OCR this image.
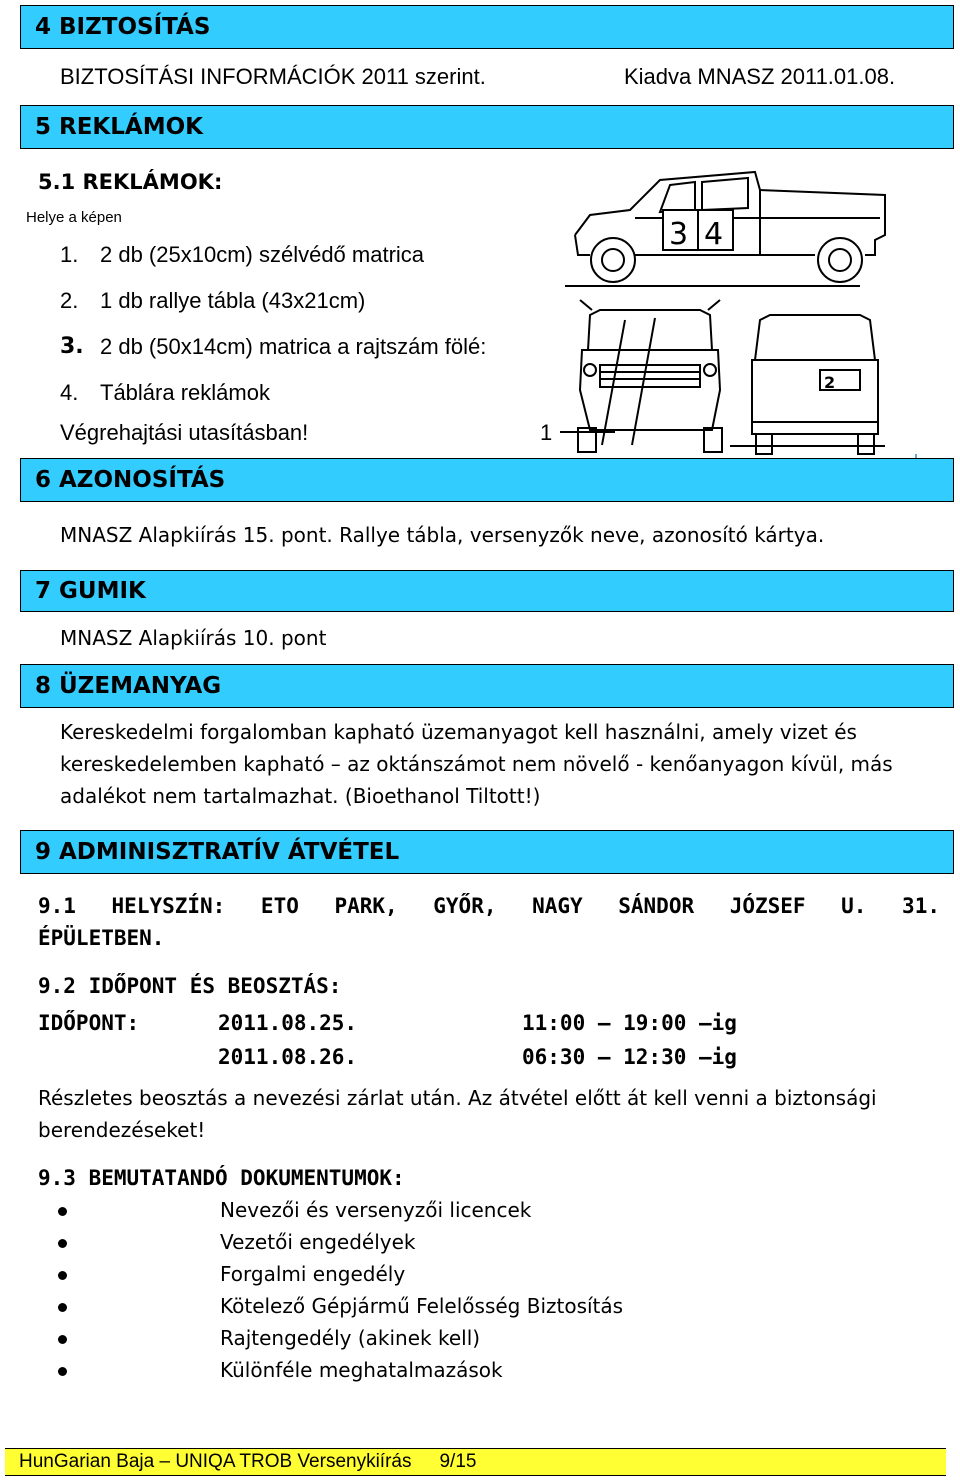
4 BIZTOSÍTÁS
BIZTOSÍTÁSI INFORMÁCIÓK 2011 szerint.	Kiadva MNASZ 2011.01.08.
5 REKLÁMOK
5.1 REKLÁMOK:
Helye a képen
1. 2 db (25x10cm) szélvédő matrica
2. 1 db rallye tábla (43x21cm)
3. 2 db (50x14cm) matrica a rajtszám fölé:
4. Táblára reklámok
Végrehajtási utasításban!
3 4
1
2
6 AZONOSÍTÁS
MNASZ Alapkiírás 15. pont. Rallye tábla, versenyzők neve, azonosító kártya.
7 GUMIK
MNASZ Alapkiírás 10. pont
8 ÜZEMANYAG
Kereskedelmi forgalomban kapható üzemanyagot kell használni, amely vizet és
kereskedelemben kapható – az oktánszámot nem növelő - kenőanyagon kívül, más
adalékot nem tartalmazhat. (Bioethanol Tiltott!)
9 ADMINISZTRATÍV ÁTVÉTEL
9.1 HELYSZÍN: ETO PARK, GYŐR, NAGY SÁNDOR JÓZSEF U. 31.
ÉPÜLETBEN.
9.2 IDŐPONT ÉS BEOSZTÁS:
IDŐPONT:	2011.08.25.	11:00 – 19:00 –ig
2011.08.26.	06:30 – 12:30 –ig
Részletes beosztás a nevezési zárlat után. Az átvétel előtt át kell venni a biztonsági
berendezéseket!
9.3 BEMUTATANDÓ DOKUMENTUMOK:
Nevezői és versenyzői licencek
Vezetői engedélyek
Forgalmi engedély
Kötelező Gépjármű Felelősség Biztosítás
Rajtengedély (akinek kell)
Különféle meghatalmazások
HunGarian Baja – UNIQA TROB Versenykiírás 9/15
